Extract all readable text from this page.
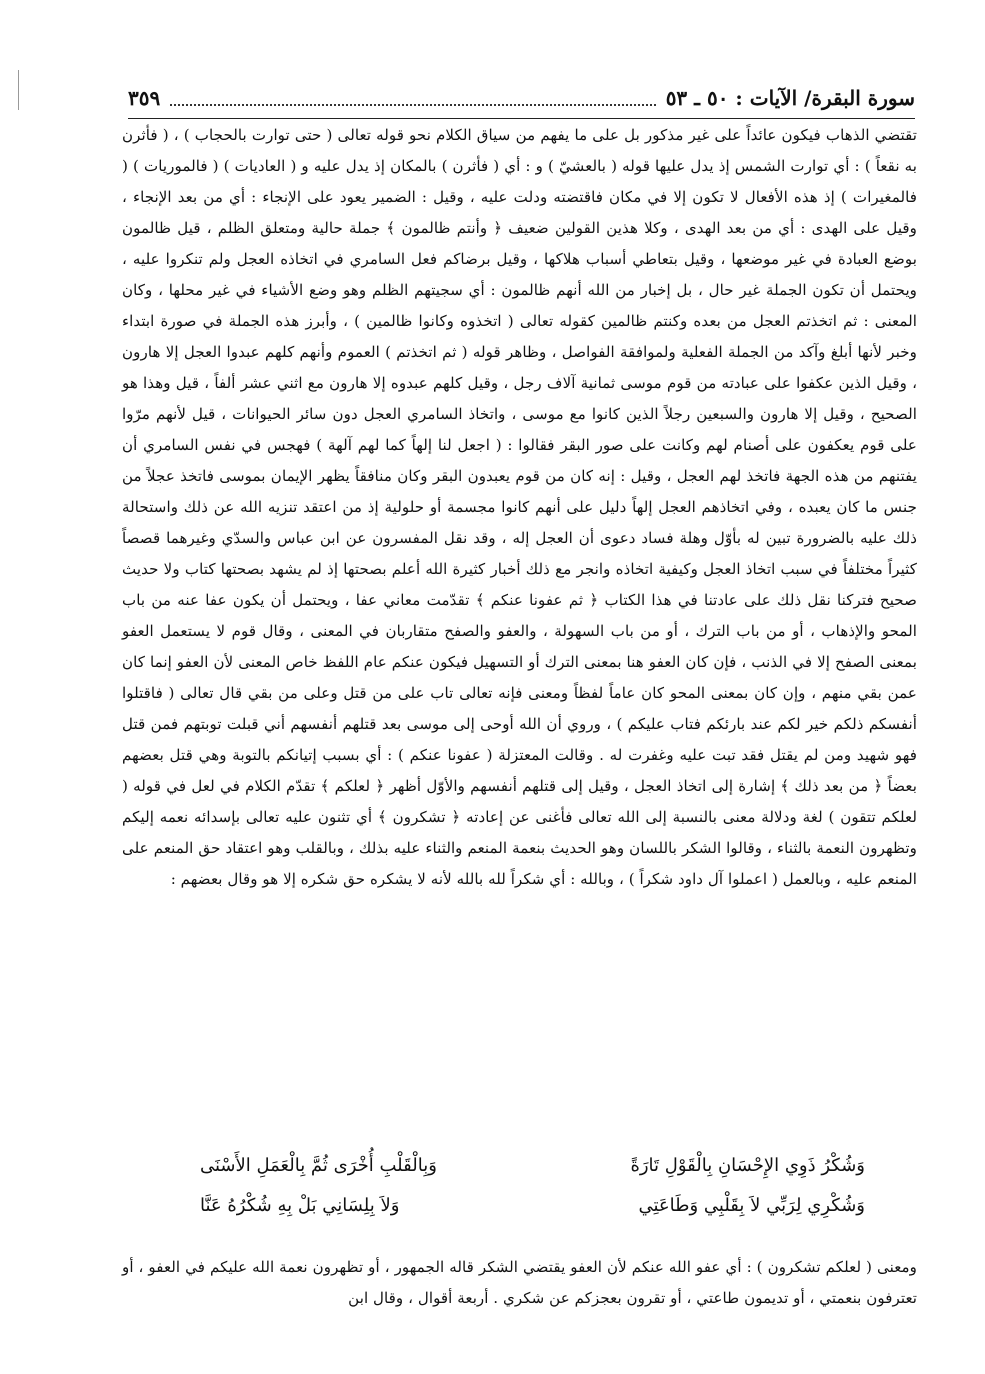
سورة البقرة/ الآيات : ٥٠ ـ ٥٣
٣٥٩

تقتضي الذهاب فيكون عائداً على غير مذكور بل على ما يفهم من سياق الكلام نحو قوله تعالى ( حتى توارت بالحجاب ) ، ( فأثرن به نقعاً ) : أي توارت الشمس إذ يدل عليها قوله ( بالعشيّ ) و : أي ( فأثرن ) بالمكان إذ يدل عليه و ( العاديات ) ( فالموريات ) ( فالمغيرات ) إذ هذه الأفعال لا تكون إلا في مكان فاقتضته ودلت عليه ، وقيل : الضمير يعود على الإنجاء : أي من بعد الإنجاء ، وقيل على الهدى : أي من بعد الهدى ، وكلا هذين القولين ضعيف ﴿ وأنتم ظالمون ﴾ جملة حالية ومتعلق الظلم ، قيل ظالمون بوضع العبادة في غير موضعها ، وقيل بتعاطي أسباب هلاكها ، وقيل برضاكم فعل السامري في اتخاذه العجل ولم تنكروا عليه ، ويحتمل أن تكون الجملة غير حال ، بل إخبار من الله أنهم ظالمون : أي سجيتهم الظلم وهو وضع الأشياء في غير محلها ، وكان المعنى : ثم اتخذتم العجل من بعده وكنتم ظالمين كقوله تعالى ( اتخذوه وكانوا ظالمين ) ، وأبرز هذه الجملة في صورة ابتداء وخبر لأنها أبلغ وآكد من الجملة الفعلية ولموافقة الفواصل ، وظاهر قوله ( ثم اتخذتم ) العموم وأنهم كلهم عبدوا العجل إلا هارون ، وقيل الذين عكفوا على عبادته من قوم موسى ثمانية آلاف رجل ، وقيل كلهم عبدوه إلا هارون مع اثني عشر ألفاً ، قيل وهذا هو الصحيح ، وقيل إلا هارون والسبعين رجلاً الذين كانوا مع موسى ، واتخاذ السامري العجل دون سائر الحيوانات ، قيل لأنهم مرّوا على قوم يعكفون على أصنام لهم وكانت على صور البقر فقالوا : ( اجعل لنا إلهاً كما لهم آلهة ) فهجس في نفس السامري أن يفتنهم من هذه الجهة فاتخذ لهم العجل ، وقيل : إنه كان من قوم يعبدون البقر وكان منافقاً يظهر الإيمان بموسى فاتخذ عجلاً من جنس ما كان يعبده ، وفي اتخاذهم العجل إلهاً دليل على أنهم كانوا مجسمة أو حلولية إذ من اعتقد تنزيه الله عن ذلك واستحالة ذلك عليه بالضرورة تبين له بأوّل وهلة فساد دعوى أن العجل إله ، وقد نقل المفسرون عن ابن عباس والسدّي وغيرهما قصصاً كثيراً مختلفاً في سبب اتخاذ العجل وكيفية اتخاذه وانجر مع ذلك أخبار كثيرة الله أعلم بصحتها إذ لم يشهد بصحتها كتاب ولا حديث صحيح فتركنا نقل ذلك على عادتنا في هذا الكتاب ﴿ ثم عفونا عنكم ﴾ تقدّمت معاني عفا ، ويحتمل أن يكون عفا عنه من باب المحو والإذهاب ، أو من باب الترك ، أو من باب السهولة ، والعفو والصفح متقاربان في المعنى ، وقال قوم لا يستعمل العفو بمعنى الصفح إلا في الذنب ، فإن كان العفو هنا بمعنى الترك أو التسهيل فيكون عنكم عام اللفظ خاص المعنى لأن العفو إنما كان عمن بقي منهم ، وإن كان بمعنى المحو كان عاماً لفظاً ومعنى فإنه تعالى تاب على من قتل وعلى من بقي قال تعالى ( فاقتلوا أنفسكم ذلكم خير لكم عند بارئكم فتاب عليكم ) ، وروي أن الله أوحى إلى موسى بعد قتلهم أنفسهم أني قبلت توبتهم فمن قتل فهو شهيد ومن لم يقتل فقد تبت عليه وغفرت له . وقالت المعتزلة ( عفونا عنكم ) : أي بسبب إتيانكم بالتوبة وهي قتل بعضهم بعضاً ﴿ من بعد ذلك ﴾ إشارة إلى اتخاذ العجل ، وقيل إلى قتلهم أنفسهم والأوّل أظهر ﴿ لعلكم ﴾ تقدّم الكلام في لعل في قوله ( لعلكم تتقون ) لغة ودلالة معنى بالنسبة إلى الله تعالى فأغنى عن إعادته ﴿ تشكرون ﴾ أي تثنون عليه تعالى بإسدائه نعمه إليكم وتظهرون النعمة بالثناء ، وقالوا الشكر باللسان وهو الحديث بنعمة المنعم والثناء عليه بذلك ، وبالقلب وهو اعتقاد حق المنعم على المنعم عليه ، وبالعمل ( اعملوا آل داود شكراً ) ، وبالله : أي شكراً لله بالله لأنه لا يشكره حق شكره إلا هو وقال بعضهم :

وَشُكْرُ ذَوِي الإِحْسَانِ بِالْقَوْلِ تَارَةً
وَبِالْقَلْبِ أُخْرَى ثُمَّ بِالْعَمَلِ الأَسْنَى
وَشُكْرِي لِرَبِّي لاَ بِقَلْبِي وَطَاعَتِي
وَلاَ بِلِسَانِي بَلْ بِهِ شُكْرُهُ عَنَّا

ومعنى ( لعلكم تشكرون ) : أي عفو الله عنكم لأن العفو يقتضي الشكر قاله الجمهور ، أو تظهرون نعمة الله عليكم في العفو ، أو تعترفون بنعمتي ، أو تديمون طاعتي ، أو تقرون بعجزكم عن شكري . أربعة أقوال ، وقال ابن
